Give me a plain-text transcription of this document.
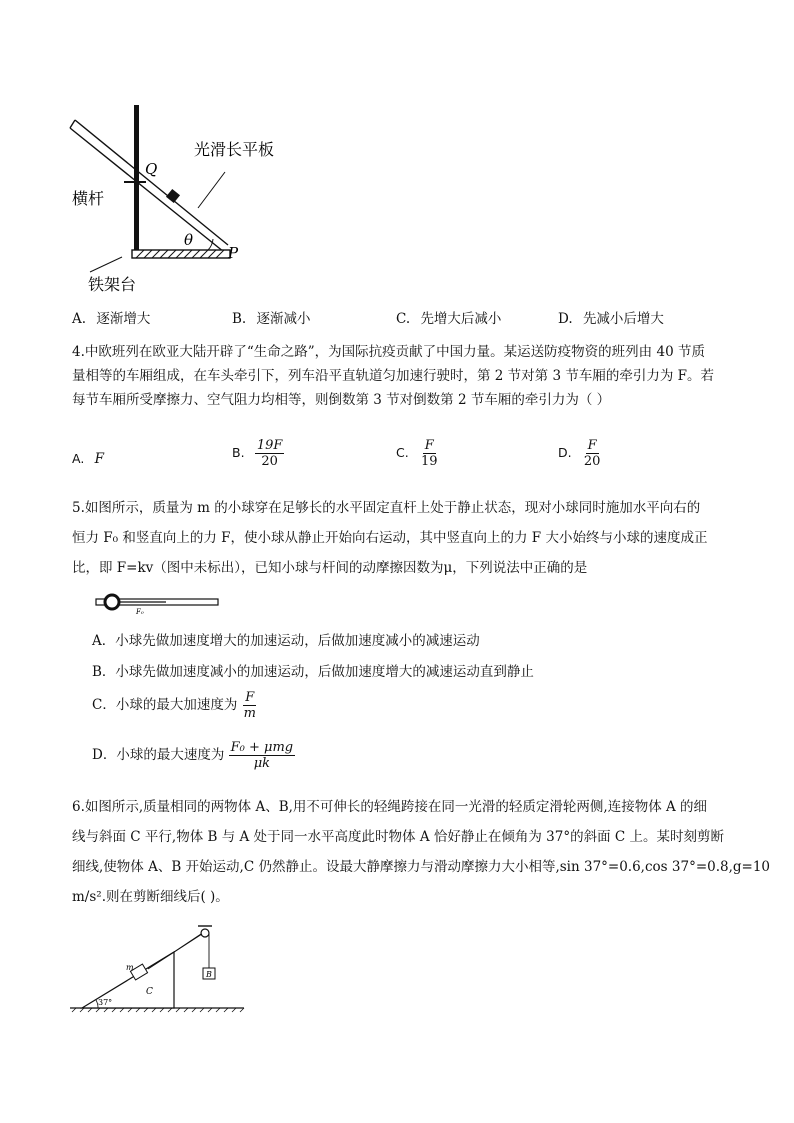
Q
P
θ
光滑长平板
横杆
铁架台
A. 逐渐增大	B. 逐渐减小	C. 先增大后减小	D. 先减小后增大
4.中欧班列在欧亚大陆开辟了“生命之路”，为国际抗疫贡献了中国力量。某运送防疫物资的班列由 40 节质
量相等的车厢组成，在车头牵引下，列车沿平直轨道匀加速行驶时，第 2 节对第 3 节车厢的牵引力为 F。若
每节车厢所受摩擦力、空气阻力均相等，则倒数第 3 节对倒数第 2 节车厢的牵引力为（ ）
A. F	B. $\frac{19F}{20}$	C. $\frac{F}{19}$	D. $\frac{F}{20}$
5.如图所示，质量为 m 的小球穿在足够长的水平固定直杆上处于静止状态，现对小球同时施加水平向右的
恒力 F₀ 和竖直向上的力 F，使小球从静止开始向右运动，其中竖直向上的力 F 大小始终与小球的速度成正
比，即 F=kv（图中未标出），已知小球与杆间的动摩擦因数为μ，下列说法中正确的是
F₀
A．小球先做加速度增大的加速运动，后做加速度减小的减速运动
B．小球先做加速度减小的加速运动，后做加速度增大的减速运动直到静止
C．小球的最大加速度为 $\frac{F}{m}$
D．小球的最大速度为 $\frac{\text{F₀ + μmg}}{\mu k}$
6.如图所示,质量相同的两物体 A、B,用不可伸长的轻绳跨接在同一光滑的轻质定滑轮两侧,连接物体 A 的细
线与斜面 C 平行,物体 B 与 A 处于同一水平高度此时物体 A 恰好静止在倾角为 37°的斜面 C 上。某时刻剪断
细线,使物体 A、B 开始运动,C 仍然静止。设最大静摩擦力与滑动摩擦力大小相等,sin 37°=0.6,cos 37°=0.8,g=10
m/s².则在剪断细线后( )。
m
B
C
37°
